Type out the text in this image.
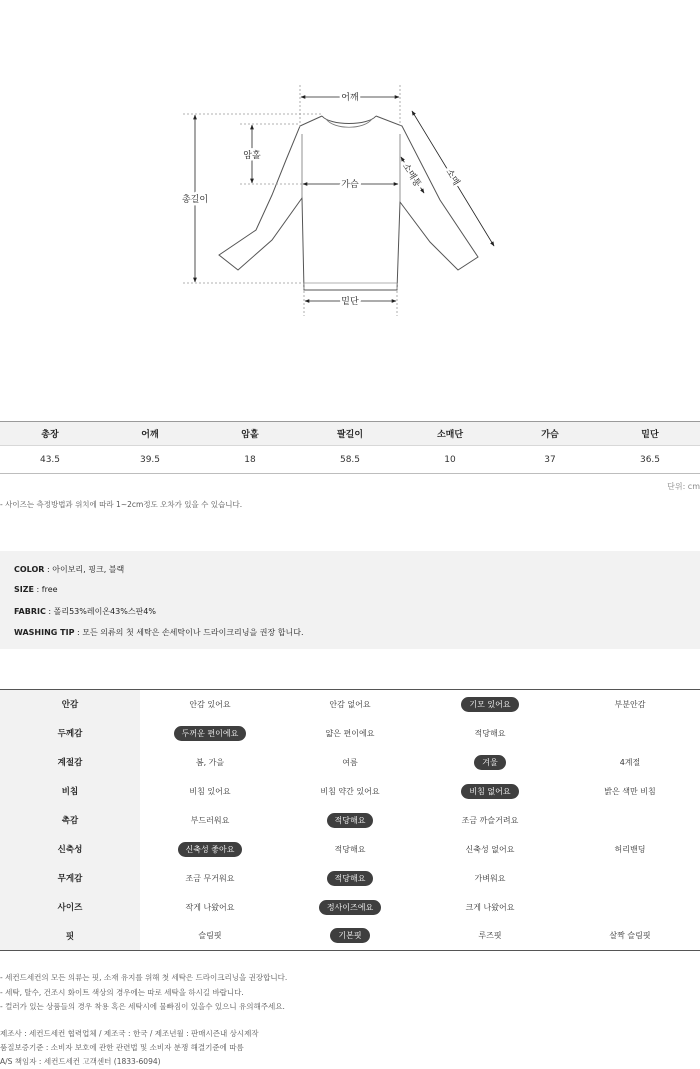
어깨
총길이
암홀
가슴
밑단
소매
소매통
총장	어깨	암홀	팔길이	소매단	가슴	밑단
43.5	39.5	18	58.5	10	37	36.5
단위: cm
- 사이즈는 측정방법과 위치에 따라 1~2cm정도 오차가 있을 수 있습니다.
COLOR : 아이보리, 핑크, 블랙
SIZE : free
FABRIC : 폴리53%레이온43%스판4%
WASHING TIP : 모든 의류의 첫 세탁은 손세탁이나 드라이크리닝을 권장 합니다.
안감	안감 있어요	안감 없어요	기모 있어요	부분안감
두께감	두꺼운 편이에요	얇은 편이에요	적당해요	
계절감	봄, 가을	여름	겨울	4계절
비침	비침 있어요	비침 약간 있어요	비침 없어요	밝은 색만 비침
촉감	부드러워요	적당해요	조금 까슬거려요	
신축성	신축성 좋아요	적당해요	신축성 없어요	허리밴딩
무게감	조금 무거워요	적당해요	가벼워요	
사이즈	작게 나왔어요	정사이즈에요	크게 나왔어요	
핏	슬림핏	기본핏	루즈핏	살짝 슬림핏
- 세컨드세컨의 모든 의류는 핏, 소재 유지를 위해 첫 세탁은 드라이크리닝을 권장합니다.
- 세탁, 탈수, 건조시 화이트 색상의 경우에는 따로 세탁을 하시길 바랍니다.
- 컬러가 있는 상품들의 경우 착용 혹은 세탁시에 물빠짐이 있을수 있으니 유의해주세요.
제조사 : 세컨드세컨 협력업체 / 제조국 : 한국 / 제조년월 : 판매시즌내 상시제작
품질보증기준 : 소비자 보호에 관한 관련법 및 소비자 분쟁 해결기준에 따름
A/S 책임자 : 세컨드세컨 고객센터 (1833-6094)
